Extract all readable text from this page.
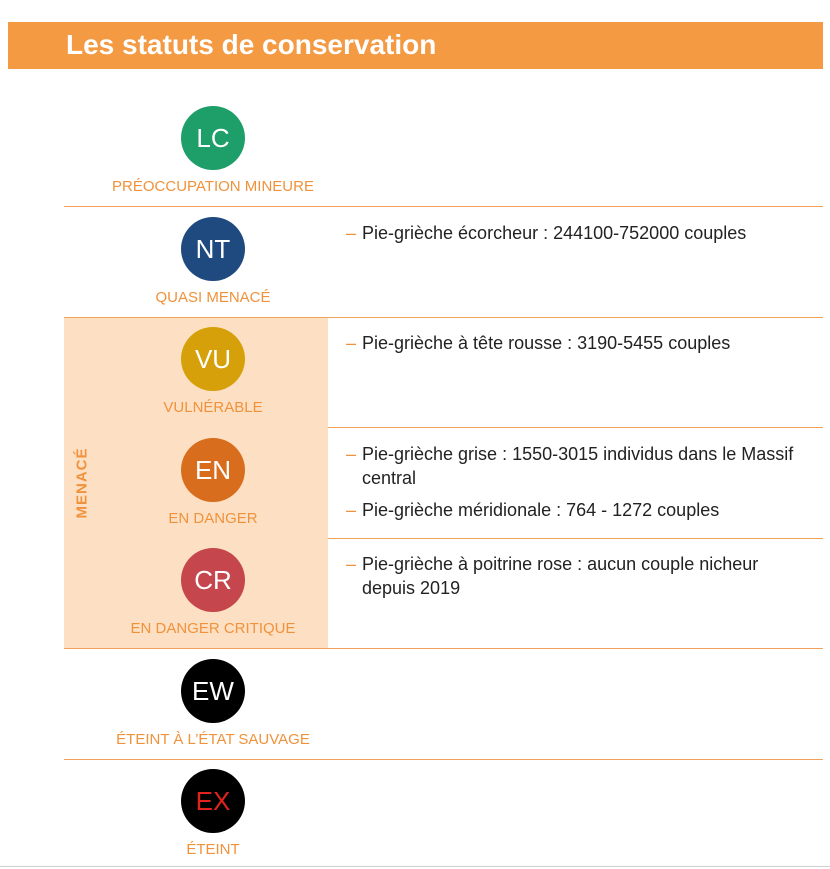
Les statuts de conservation
MENACÉ
LC
PRÉOCCUPATION MINEURE
NT
QUASI MENACÉ
– Pie-grièche écorcheur : 244100-752000 couples
VU
VULNÉRABLE
– Pie-grièche à tête rousse : 3190-5455 couples
EN
EN DANGER
– Pie-grièche grise : 1550-3015 individus dans le Massif central
– Pie-grièche méridionale : 764 - 1272 couples
CR
EN DANGER CRITIQUE
– Pie-grièche à poitrine rose : aucun couple nicheur depuis 2019
EW
ÉTEINT À L’ÉTAT SAUVAGE
EX
ÉTEINT
